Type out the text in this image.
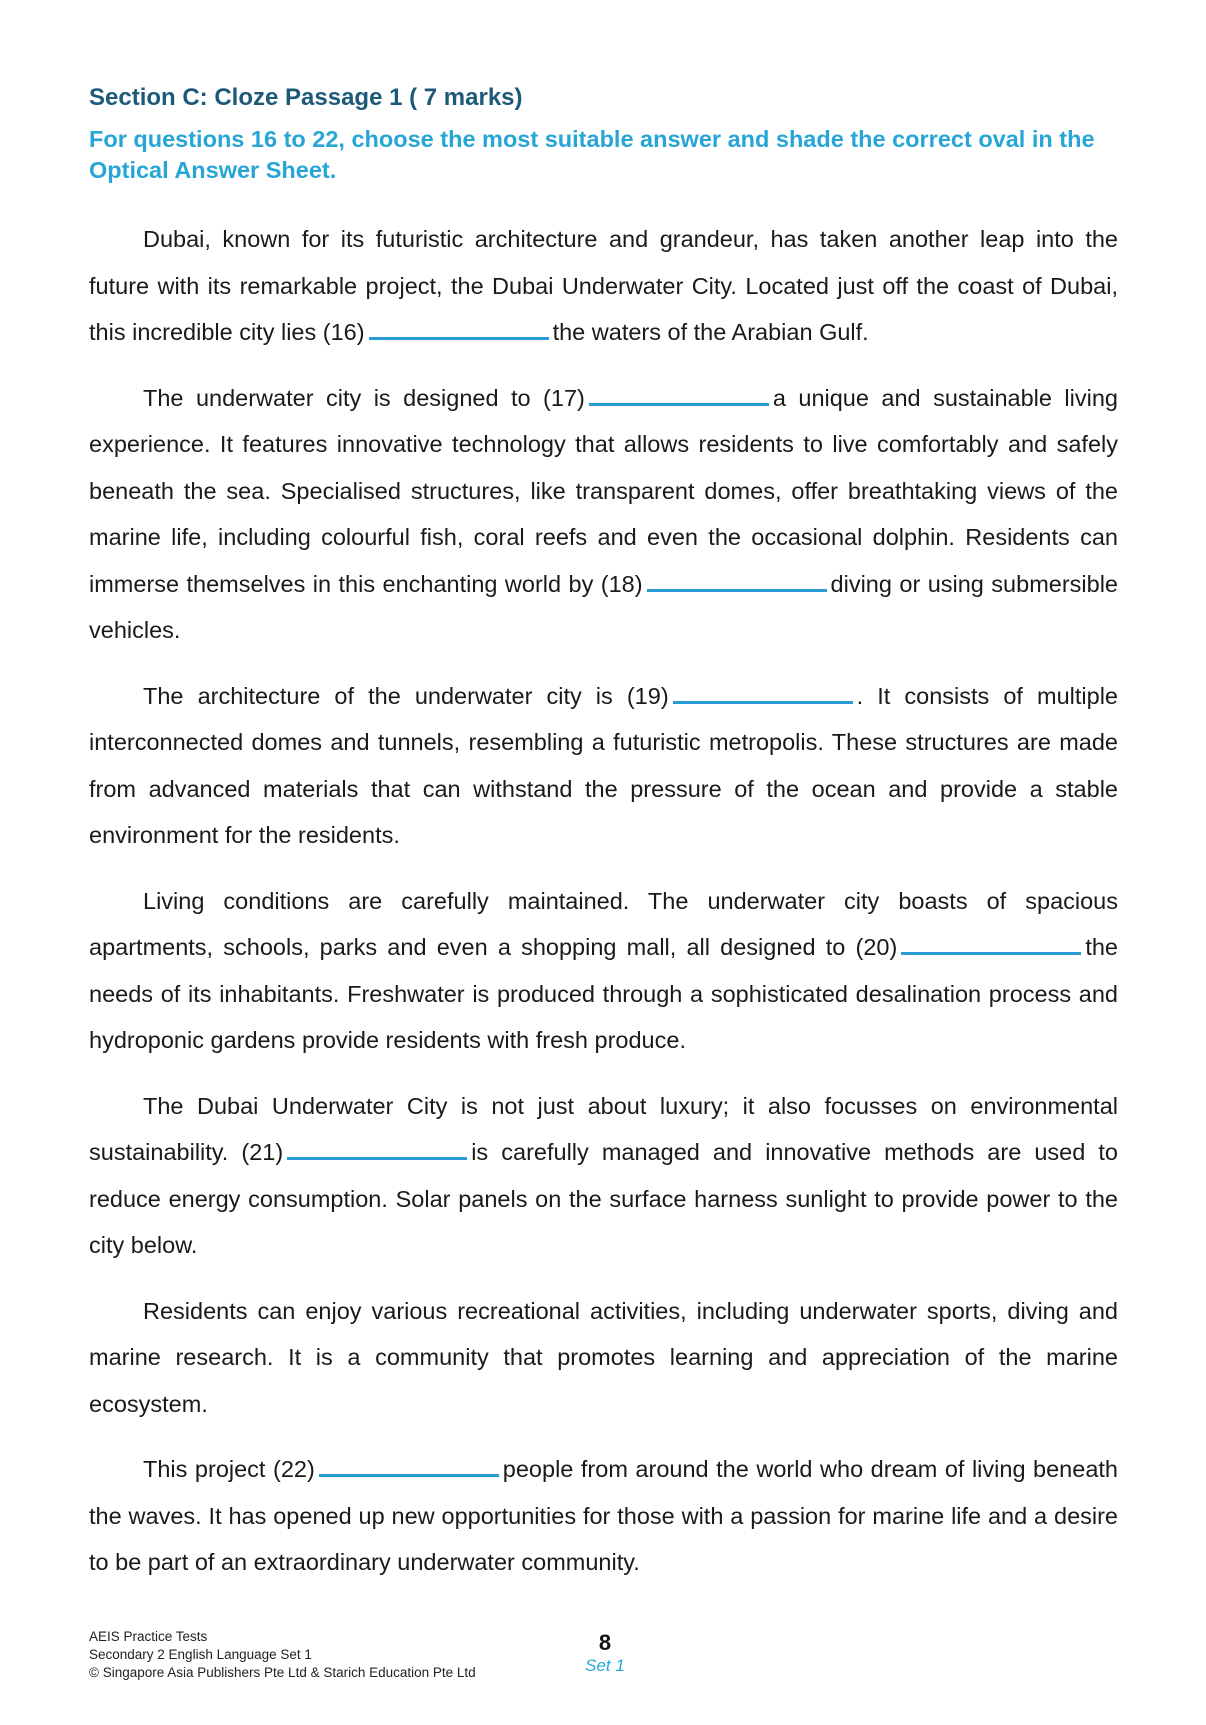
Section C: Cloze Passage 1 ( 7 marks)

For questions 16 to 22, choose the most suitable answer and shade the correct oval in the Optical Answer Sheet.

Dubai, known for its futuristic architecture and grandeur, has taken another leap into the future with its remarkable project, the Dubai Underwater City. Located just off the coast of Dubai, this incredible city lies (16)	the waters of the Arabian Gulf.

The underwater city is designed to (17)	a unique and sustainable living experience. It features innovative technology that allows residents to live comfortably and safely beneath the sea. Specialised structures, like transparent domes, offer breathtaking views of the marine life, including colourful fish, coral reefs and even the occasional dolphin. Residents can immerse themselves in this enchanting world by (18)	diving or using submersible vehicles.

The architecture of the underwater city is (19)	. It consists of multiple interconnected domes and tunnels, resembling a futuristic metropolis. These structures are made from advanced materials that can withstand the pressure of the ocean and provide a stable environment for the residents.

Living conditions are carefully maintained. The underwater city boasts of spacious apartments, schools, parks and even a shopping mall, all designed to (20)	the needs of its inhabitants. Freshwater is produced through a sophisticated desalination process and hydroponic gardens provide residents with fresh produce.

The Dubai Underwater City is not just about luxury; it also focusses on environmental sustainability. (21)	is carefully managed and innovative methods are used to reduce energy consumption. Solar panels on the surface harness sunlight to provide power to the city below.

Residents can enjoy various recreational activities, including underwater sports, diving and marine research. It is a community that promotes learning and appreciation of the marine ecosystem.

This project (22)	people from around the world who dream of living beneath the waves. It has opened up new opportunities for those with a passion for marine life and a desire to be part of an extraordinary underwater community.

AEIS Practice Tests
Secondary 2 English Language Set 1
© Singapore Asia Publishers Pte Ltd & Starich Education Pte Ltd
8
Set 1
